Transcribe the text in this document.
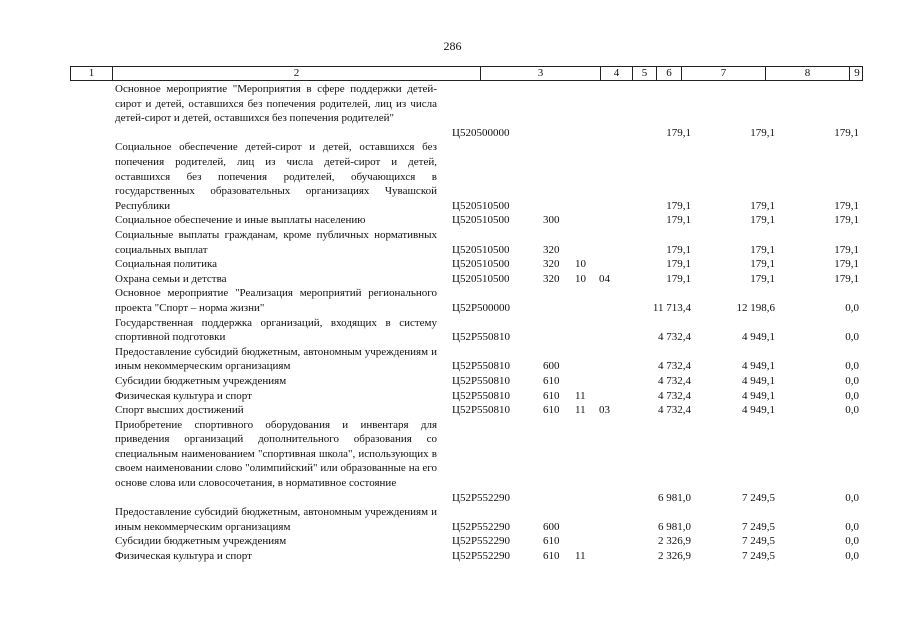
286
1	2	3	4	5	6	7	8	9
Основное мероприятие "Мероприятия в сфере поддержки детей-сирот и детей, оставшихся без попечения родителей, лиц из числа детей-сирот и детей, оставшихся без попечения родителей"
Ц520500000	179,1	179,1	179,1
Социальное обеспечение детей-сирот и детей, оставшихся без попечения родителей, лиц из числа детей-сирот и детей, оставшихся без попечения родителей, обучающихся в государственных образовательных организациях Чувашской Республики	Ц520510500	179,1	179,1	179,1
Социальное обеспечение и иные выплаты населению	Ц520510500	300	179,1	179,1	179,1
Социальные выплаты гражданам, кроме публичных нормативных социальных выплат	Ц520510500	320	179,1	179,1	179,1
Социальная политика	Ц520510500	320 10	179,1	179,1	179,1
Охрана семьи и детства	Ц520510500	320 10 04	179,1	179,1	179,1
Основное мероприятие "Реализация мероприятий регионального проекта "Спорт – норма жизни"	Ц52Р500000	11 713,4	12 198,6	0,0
Государственная поддержка организаций, входящих в систему спортивной подготовки	Ц52Р550810	4 732,4	4 949,1	0,0
Предоставление субсидий бюджетным, автономным учреждениям и иным некоммерческим организациям	Ц52Р550810	600	4 732,4	4 949,1	0,0
Субсидии бюджетным учреждениям	Ц52Р550810	610	4 732,4	4 949,1	0,0
Физическая культура и спорт	Ц52Р550810	610 11	4 732,4	4 949,1	0,0
Спорт высших достижений	Ц52Р550810	610 11 03	4 732,4	4 949,1	0,0
Приобретение спортивного оборудования и инвентаря для приведения организаций дополнительного образования со специальным наименованием "спортивная школа", использующих в своем наименовании слово "олимпийский" или образованные на его основе слова или словосочетания, в нормативное состояние
Ц52Р552290	6 981,0	7 249,5	0,0
Предоставление субсидий бюджетным, автономным учреждениям и иным некоммерческим организациям	Ц52Р552290	600	6 981,0	7 249,5	0,0
Субсидии бюджетным учреждениям	Ц52Р552290	610	2 326,9	7 249,5	0,0
Физическая культура и спорт	Ц52Р552290	610 11	2 326,9	7 249,5	0,0
